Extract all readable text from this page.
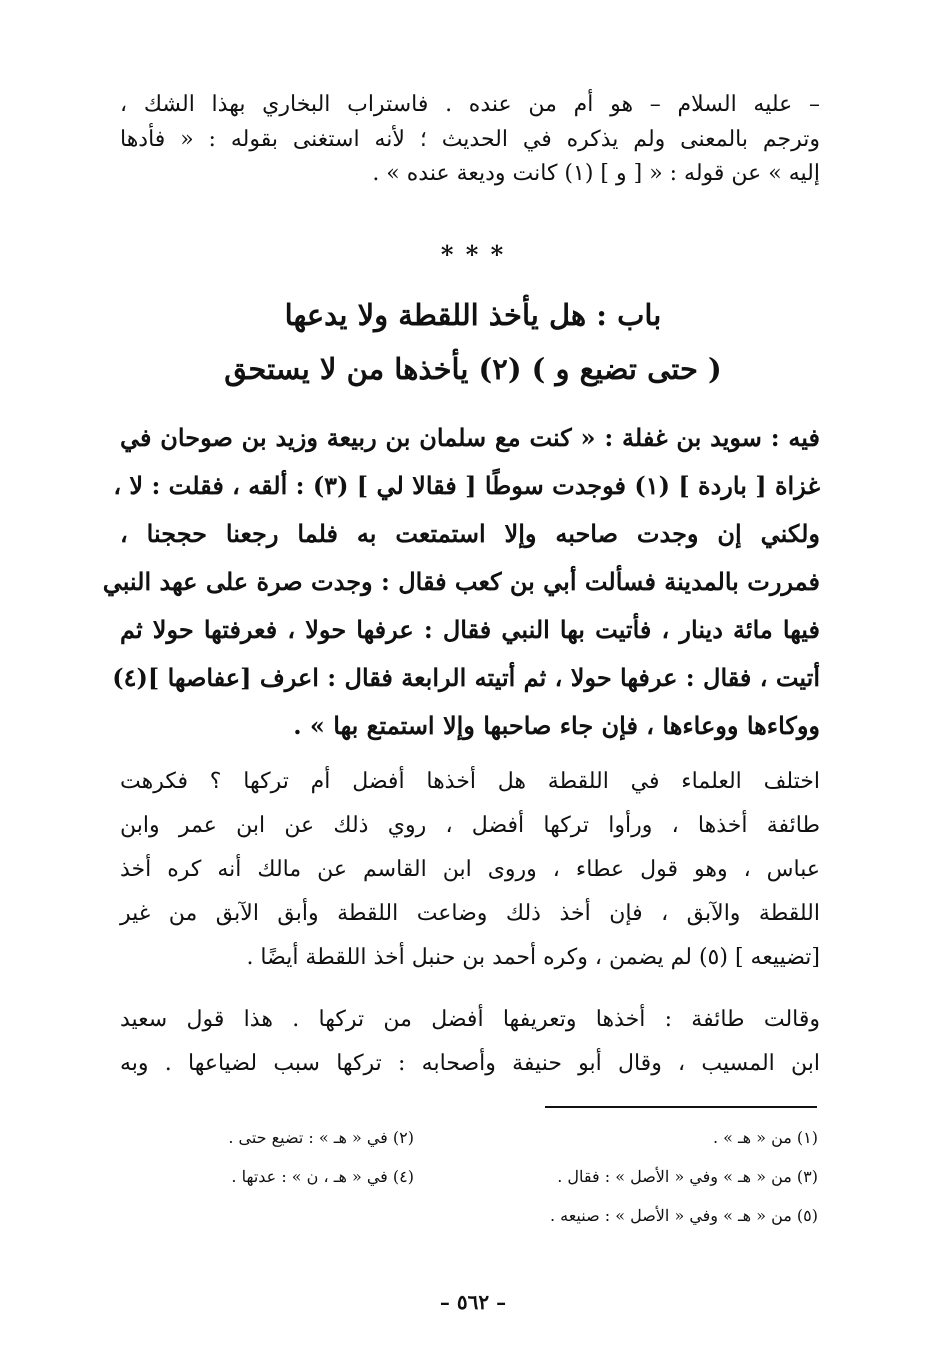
– عليه السلام – هو أم من عنده . فاستراب البخاري بهذا الشك ،
وترجم بالمعنى ولم يذكره في الحديث ؛ لأنه استغنى بقوله : « فأدها
إليه » عن قوله : « [ و ] (١) كانت وديعة عنده » .
* * *
باب : هل يأخذ اللقطة ولا يدعها
( حتى تضيع و ) (٢) يأخذها من لا يستحق
فيه : سويد بن غفلة : « كنت مع سلمان بن ربيعة وزيد بن صوحان في
غزاة [ باردة ] (١) فوجدت سوطًا [ فقالا لي ] (٣) : ألقه ، فقلت : لا ،
ولكني إن وجدت صاحبه وإلا استمتعت به فلما رجعنا حججنا ،
فمررت بالمدينة فسألت أبي بن كعب فقال : وجدت صرة على عهد النبي
فيها مائة دينار ، فأتيت بها النبي فقال : عرفها حولا ، فعرفتها حولا ثم
أتيت ، فقال : عرفها حولا ، ثم أتيته الرابعة فقال : اعرف [عفاصها ](٤)
ووكاءها ووعاءها ، فإن جاء صاحبها وإلا استمتع بها » .
اختلف العلماء في اللقطة هل أخذها أفضل أم تركها ؟ فكرهت
طائفة أخذها ، ورأوا تركها أفضل ، روي ذلك عن ابن عمر وابن
عباس ، وهو قول عطاء ، وروى ابن القاسم عن مالك أنه كره أخذ
اللقطة والآبق ، فإن أخذ ذلك وضاعت اللقطة وأبق الآبق من غير
[تضييعه ] (٥) لم يضمن ، وكره أحمد بن حنبل أخذ اللقطة أيضًا .
وقالت طائفة : أخذها وتعريفها أفضل من تركها . هذا قول سعيد
ابن المسيب ، وقال أبو حنيفة وأصحابه : تركها سبب لضياعها . وبه
(١) من « هـ » .
(٢) في « هـ » : تضيع حتى .
(٣) من « هـ » وفي « الأصل » : فقال .
(٤) في « هـ ، ن » : عدتها .
(٥) من « هـ » وفي « الأصل » : صنيعه .
– ٥٦٢ –
